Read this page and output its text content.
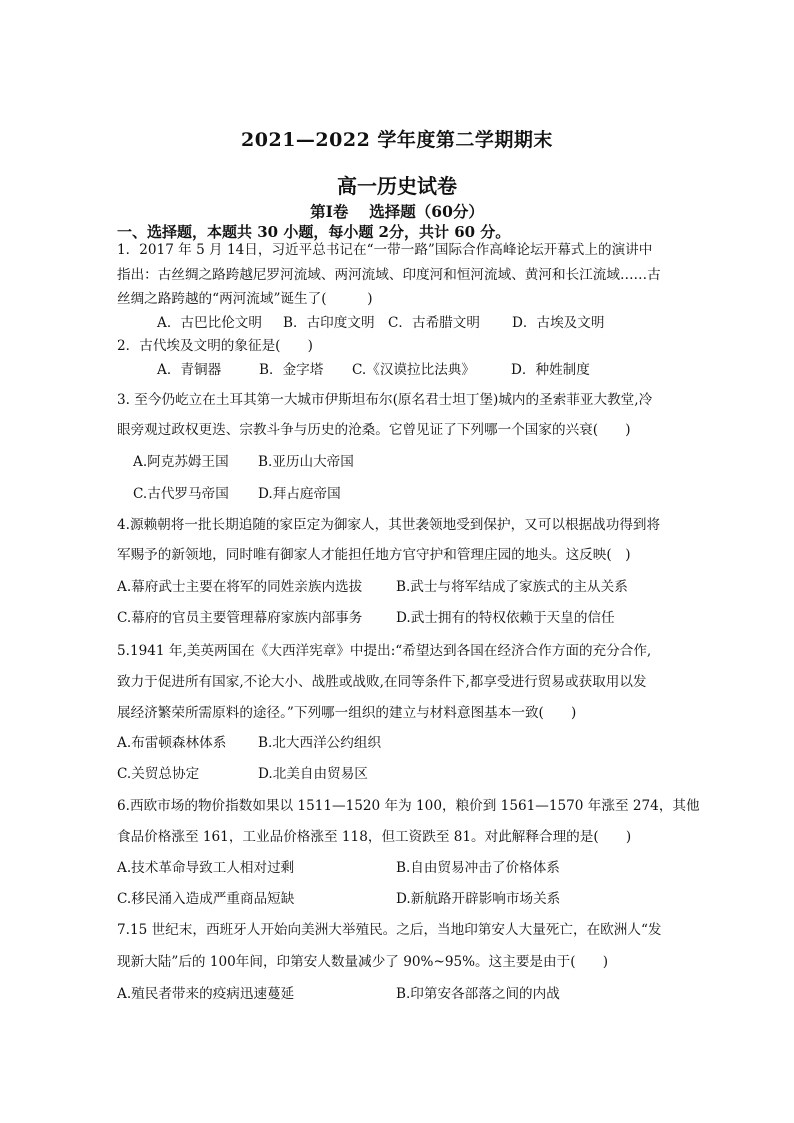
2021—2022 学年度第二学期期末
高一历史试卷
第Ⅰ卷　 选择题（60分）
一、选择题，本题共 30 小题，每小题 2分，共计 60 分。
1．2017 年 5 月 14日，习近平总书记在“一带一路”国际合作高峰论坛开幕式上的演讲中
指出：古丝绸之路跨越尼罗河流域、两河流域、印度河和恒河流域、黄河和长江流域……古
丝绸之路跨越的“两河流域”诞生了(　　　)
A．古巴比伦文明 B．古印度文明 C．古希腊文明 D．古埃及文明
2．古代埃及文明的象征是(　　)
A．青铜器	B．金字塔 C.《汉谟拉比法典》	D．种姓制度
3. 至今仍屹立在土耳其第一大城市伊斯坦布尔(原名君士坦丁堡)城内的圣索菲亚大教堂,冷
眼旁观过政权更迭、宗教斗争与历史的沧桑。它曾见证了下列哪一个国家的兴衰(　　)
A.阿克苏姆王国 B.亚历山大帝国
C.古代罗马帝国 D.拜占庭帝国
4.源赖朝将一批长期追随的家臣定为御家人，其世袭领地受到保护，又可以根据战功得到将
军赐予的新领地，同时唯有御家人才能担任地方官守护和管理庄园的地头。这反映(　)
A.幕府武士主要在将军的同姓亲族内选拔 B.武士与将军结成了家族式的主从关系
C.幕府的官员主要管理幕府家族内部事务 D.武士拥有的特权依赖于天皇的信任
5.1941 年,美英两国在《大西洋宪章》中提出:“希望达到各国在经济合作方面的充分合作,
致力于促进所有国家,不论大小、战胜或战败,在同等条件下,都享受进行贸易或获取用以发
展经济繁荣所需原料的途径。”下列哪一组织的建立与材料意图基本一致(　　)
A.布雷顿森林体系 B.北大西洋公约组织
C.关贸总协定	D.北美自由贸易区
6.西欧市场的物价指数如果以 1511—1520 年为 100，粮价到 1561—1570 年涨至 274，其他
食品价格涨至 161，工业品价格涨至 118，但工资跌至 81。对此解释合理的是(　　)
A.技术革命导致工人相对过剩	B.自由贸易冲击了价格体系
C.移民涌入造成严重商品短缺	D.新航路开辟影响市场关系
7.15 世纪末，西班牙人开始向美洲大举殖民。之后，当地印第安人大量死亡，在欧洲人“发
现新大陆”后的 100年间，印第安人数量减少了 90%~95%。这主要是由于(　　)
A.殖民者带来的疫病迅速蔓延	B.印第安各部落之间的内战
